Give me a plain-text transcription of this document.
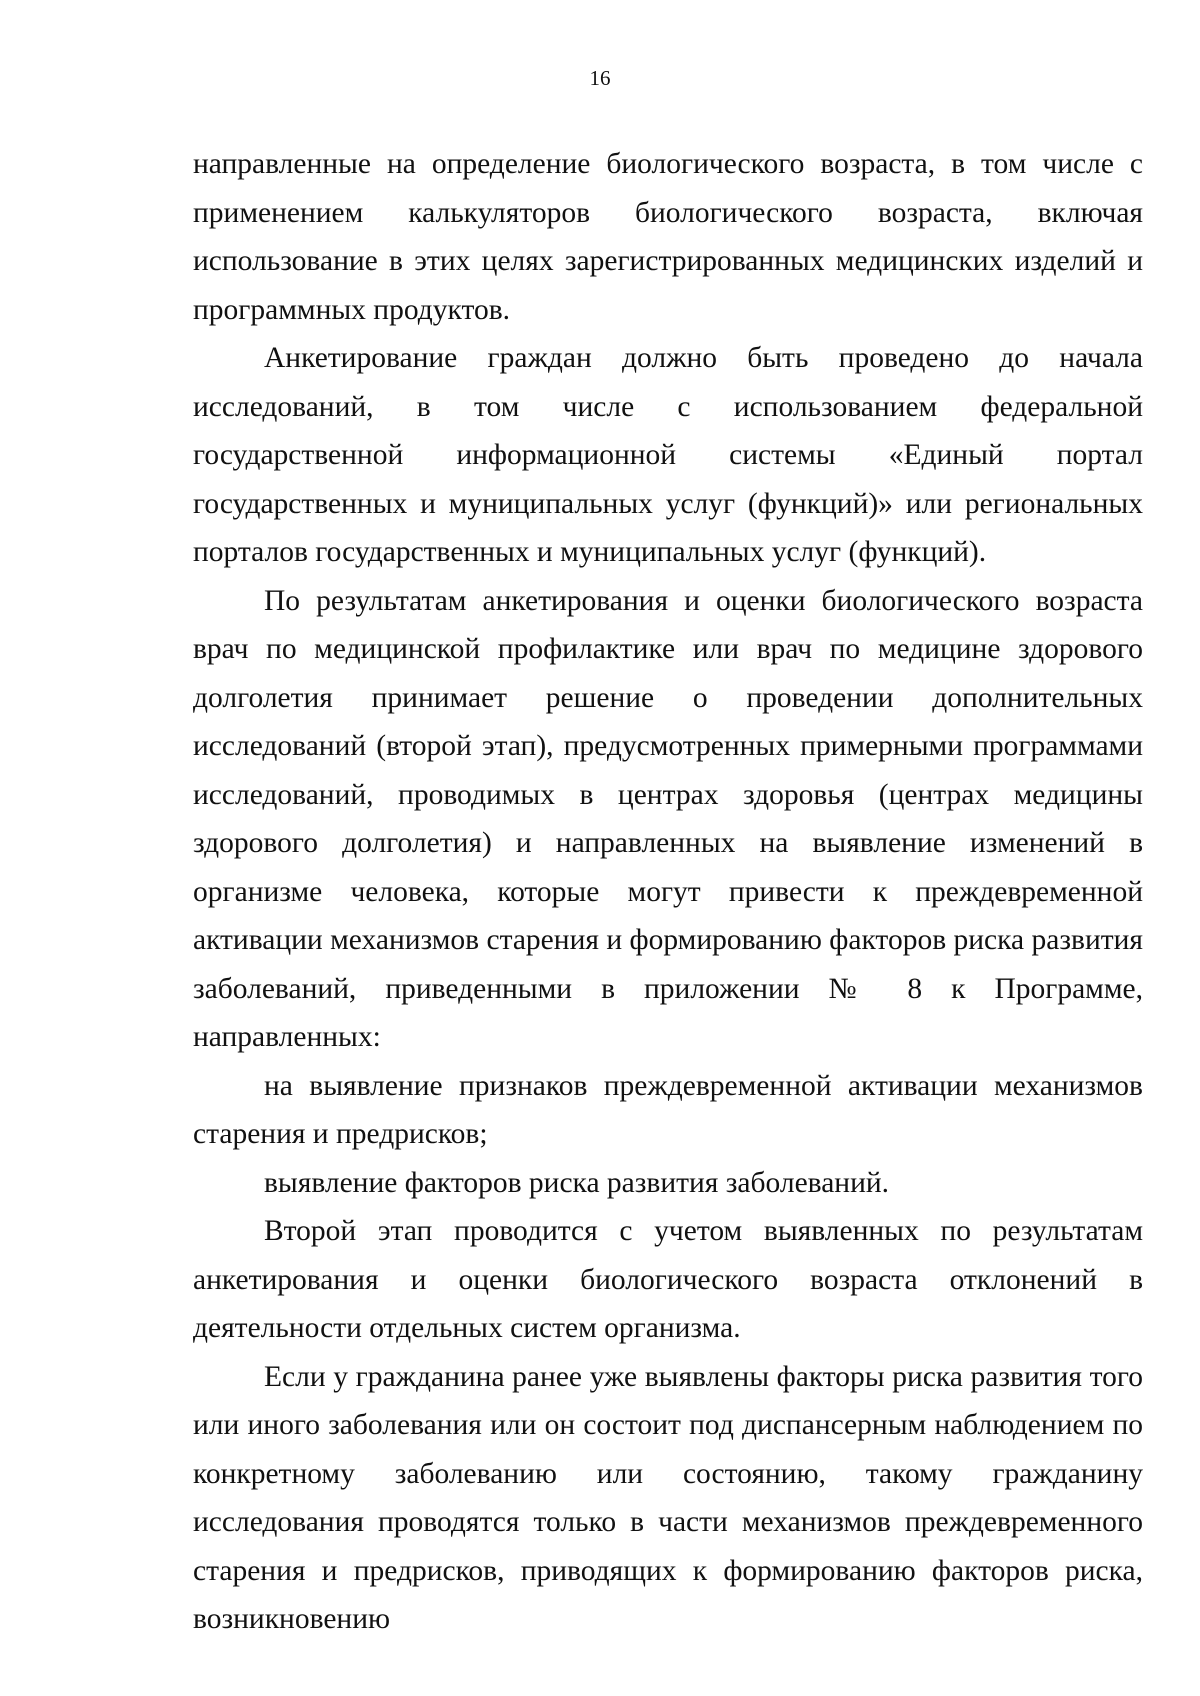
16

направленные на определение биологического возраста, в том числе с применением калькуляторов биологического возраста, включая использование в этих целях зарегистрированных медицинских изделий и программных продуктов.

Анкетирование граждан должно быть проведено до начала исследований, в том числе с использованием федеральной государственной информационной системы «Единый портал государственных и муниципальных услуг (функций)» или региональных порталов государственных и муниципальных услуг (функций).

По результатам анкетирования и оценки биологического возраста врач по медицинской профилактике или врач по медицине здорового долголетия принимает решение о проведении дополнительных исследований (второй этап), предусмотренных примерными программами исследований, проводимых в центрах здоровья (центрах медицины здорового долголетия) и направленных на выявление изменений в организме человека, которые могут привести к преждевременной активации механизмов старения и формированию факторов риска развития заболеваний, приведенными в приложении № 8 к Программе, направленных:

на выявление признаков преждевременной активации механизмов старения и предрисков;

выявление факторов риска развития заболеваний.

Второй этап проводится с учетом выявленных по результатам анкетирования и оценки биологического возраста отклонений в деятельности отдельных систем организма.

Если у гражданина ранее уже выявлены факторы риска развития того или иного заболевания или он состоит под диспансерным наблюдением по конкретному заболеванию или состоянию, такому гражданину исследования проводятся только в части механизмов преждевременного старения и предрисков, приводящих к формированию факторов риска, возникновению
